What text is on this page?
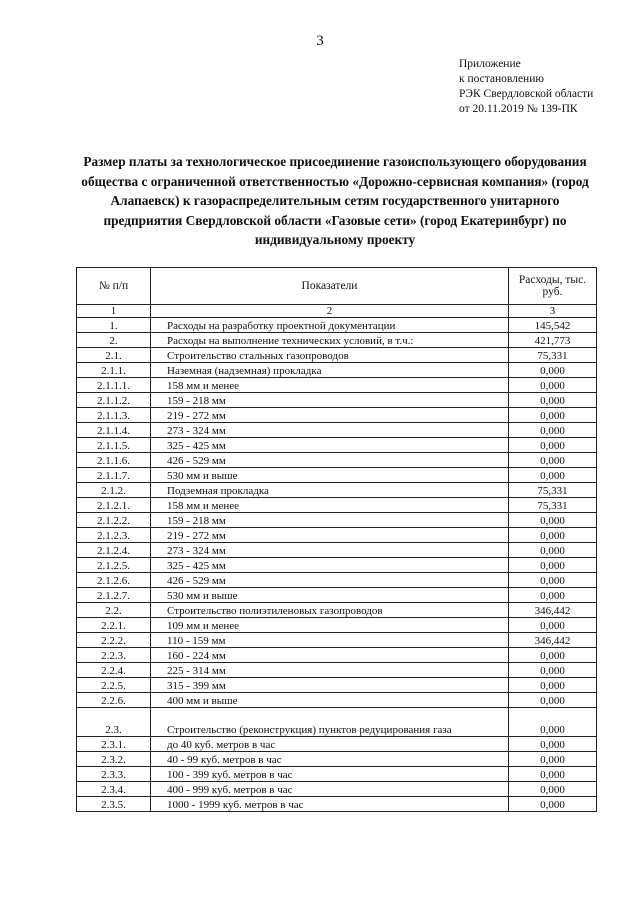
3
Приложение
к постановлению
РЭК Свердловской области
от 20.11.2019 № 139-ПК
Размер платы за технологическое присоединение газоиспользующего оборудования общества с ограниченной ответственностью «Дорожно-сервисная компания» (город Алапаевск) к газораспределительным сетям государственного унитарного предприятия Свердловской области «Газовые сети» (город Екатеринбург) по индивидуальному проекту
№ п/п	Показатели	Расходы, тыс. руб.
1	2	3
1.	Расходы на разработку проектной документации	145,542
2.	Расходы на выполнение технических условий, в т.ч.:	421,773
2.1.	Строительство стальных газопроводов	75,331
2.1.1.	Наземная (надземная) прокладка	0,000
2.1.1.1.	158 мм и менее	0,000
2.1.1.2.	159 - 218 мм	0,000
2.1.1.3.	219 - 272 мм	0,000
2.1.1.4.	273 - 324 мм	0,000
2.1.1.5.	325 - 425 мм	0,000
2.1.1.6.	426 - 529 мм	0,000
2.1.1.7.	530 мм и выше	0,000
2.1.2.	Подземная прокладка	75,331
2.1.2.1.	158 мм и менее	75,331
2.1.2.2.	159 - 218 мм	0,000
2.1.2.3.	219 - 272 мм	0,000
2.1.2.4.	273 - 324 мм	0,000
2.1.2.5.	325 - 425 мм	0,000
2.1.2.6.	426 - 529 мм	0,000
2.1.2.7.	530 мм и выше	0,000
2.2.	Строительство полиэтиленовых газопроводов	346,442
2.2.1.	109 мм и менее	0,000
2.2.2.	110 - 159 мм	346,442
2.2.3.	160 - 224 мм	0,000
2.2.4.	225 - 314 мм	0,000
2.2.5.	315 - 399 мм	0,000
2.2.6.	400 мм и выше	0,000
2.3.	Строительство (реконструкция) пунктов редуцирования газа	0,000
2.3.1.	до 40 куб. метров в час	0,000
2.3.2.	40 - 99 куб. метров в час	0,000
2.3.3.	100 - 399 куб. метров в час	0,000
2.3.4.	400 - 999 куб. метров в час	0,000
2.3.5.	1000 - 1999 куб. метров в час	0,000
